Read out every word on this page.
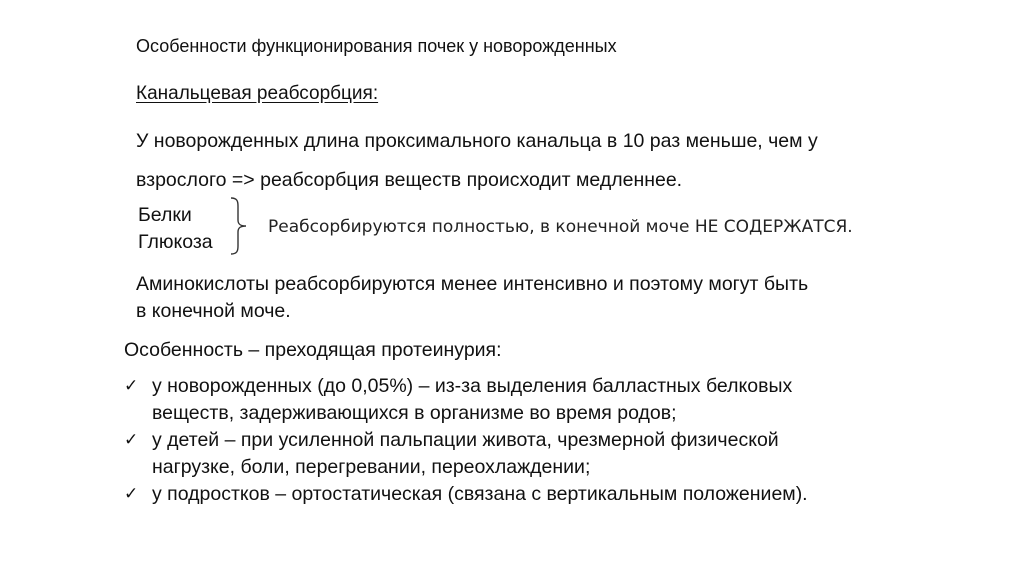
Особенности функционирования почек у новорожденных

Канальцевая реабсорбция:

У новорожденных длина проксимального канальца в 10 раз меньше, чем у

взрослого => реабсорбция веществ происходит медленнее.

Белки
Глюкоза

Реабсорбируются полностью, в конечной моче НЕ СОДЕРЖАТСЯ.

Аминокислоты реабсорбируются менее интенсивно и поэтому могут быть

в конечной моче.

Особенность – преходящая протеинурия:

✓ у новорожденных (до 0,05%) – из-за выделения балластных белковых
веществ, задерживающихся в организме во время родов;
✓ у детей – при усиленной пальпации живота, чрезмерной физической
нагрузке, боли, перегревании, переохлаждении;
✓ у подростков – ортостатическая (связана с вертикальным положением).
